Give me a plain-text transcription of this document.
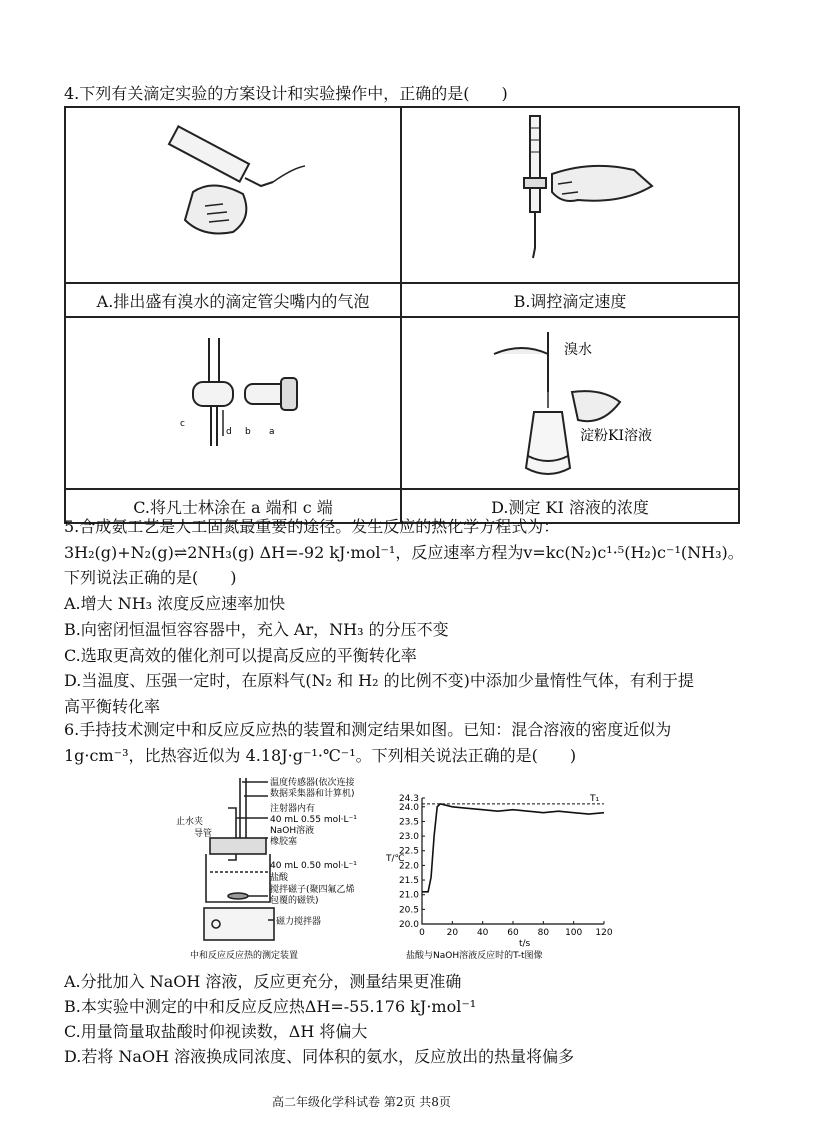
4.下列有关滴定实验的方案设计和实验操作中，正确的是(　　)

A.排出盛有溴水的滴定管尖嘴内的气泡	B.调控滴定速度

c
d b a	溴水
淀粉KI溶液

C.将凡士林涂在 a 端和 c 端	D.测定 KI 溶液的浓度
5.合成氨工艺是人工固氮最重要的途径。发生反应的热化学方程式为：
3H₂(g)+N₂(g)⇌2NH₃(g) ΔH=-92 kJ·mol⁻¹，反应速率方程为v=kc(N₂)c¹·⁵(H₂)c⁻¹(NH₃)。
下列说法正确的是(　　)
A.增大 NH₃ 浓度反应速率加快
B.向密闭恒温恒容容器中，充入 Ar，NH₃ 的分压不变
C.选取更高效的催化剂可以提高反应的平衡转化率
D.当温度、压强一定时，在原料气(N₂ 和 H₂ 的比例不变)中添加少量惰性气体，有利于提
高平衡转化率
6.手持技术测定中和反应反应热的装置和测定结果如图。已知：混合溶液的密度近似为
1g·cm⁻³，比热容近似为 4.18J·g⁻¹·℃⁻¹。下列相关说法正确的是(　　)
温度传感器(依次连接
数据采集器和计算机)
注射器内有
40 mL 0.55 mol·L⁻¹
NaOH溶液
橡胶塞
止水夹
导管
40 mL 0.50 mol·L⁻¹
盐酸
搅拌磁子(聚四氟乙烯
包覆的磁铁)
磁力搅拌器
中和反应反应热的测定装置
20.0
20.5
21.0
21.5
22.0
22.5
23.0
23.5
24.0
24.3
0 20 40 60 80 100 120
T₁
T/℃
t/s
盐酸与NaOH溶液反应时的T-t图像
A.分批加入 NaOH 溶液，反应更充分，测量结果更准确
B.本实验中测定的中和反应反应热ΔH=-55.176 kJ·mol⁻¹
C.用量筒量取盐酸时仰视读数，ΔH 将偏大
D.若将 NaOH 溶液换成同浓度、同体积的氨水，反应放出的热量将偏多
高二年级化学科试卷 第2页 共8页
